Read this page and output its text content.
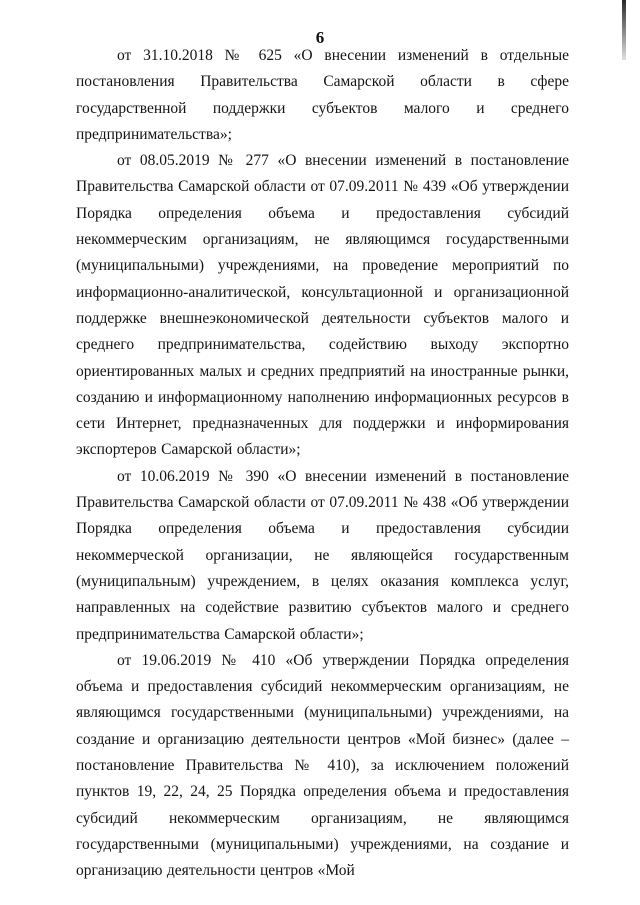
6

от 31.10.2018 № 625 «О внесении изменений в отдельные постановления Правительства Самарской области в сфере государственной поддержки субъектов малого и среднего предпринимательства»;

от 08.05.2019 № 277 «О внесении изменений в постановление Правительства Самарской области от 07.09.2011 № 439 «Об утверждении Порядка определения объема и предоставления субсидий некоммерческим организациям, не являющимся государственными (муниципальными) учреждениями, на проведение мероприятий по информационно-аналитической, консультационной и организационной поддержке внешнеэкономической деятельности субъектов малого и среднего предпринимательства, содействию выходу экспортно ориентированных малых и средних предприятий на иностранные рынки, созданию и информационному наполнению информационных ресурсов в сети Интернет, предназначенных для поддержки и информирования экспортеров Самарской области»;

от 10.06.2019 № 390 «О внесении изменений в постановление Правительства Самарской области от 07.09.2011 № 438 «Об утверждении Порядка определения объема и предоставления субсидии некоммерческой организации, не являющейся государственным (муниципальным) учреждением, в целях оказания комплекса услуг, направленных на содействие развитию субъектов малого и среднего предпринимательства Самарской области»;

от 19.06.2019 № 410 «Об утверждении Порядка определения объема и предоставления субсидий некоммерческим организациям, не являющимся государственными (муниципальными) учреждениями, на создание и организацию деятельности центров «Мой бизнес» (далее – постановление Правительства № 410), за исключением положений пунктов 19, 22, 24, 25 Порядка определения объема и предоставления субсидий некоммерческим организациям, не являющимся государственными (муниципальными) учреждениями, на создание и организацию деятельности центров «Мой
